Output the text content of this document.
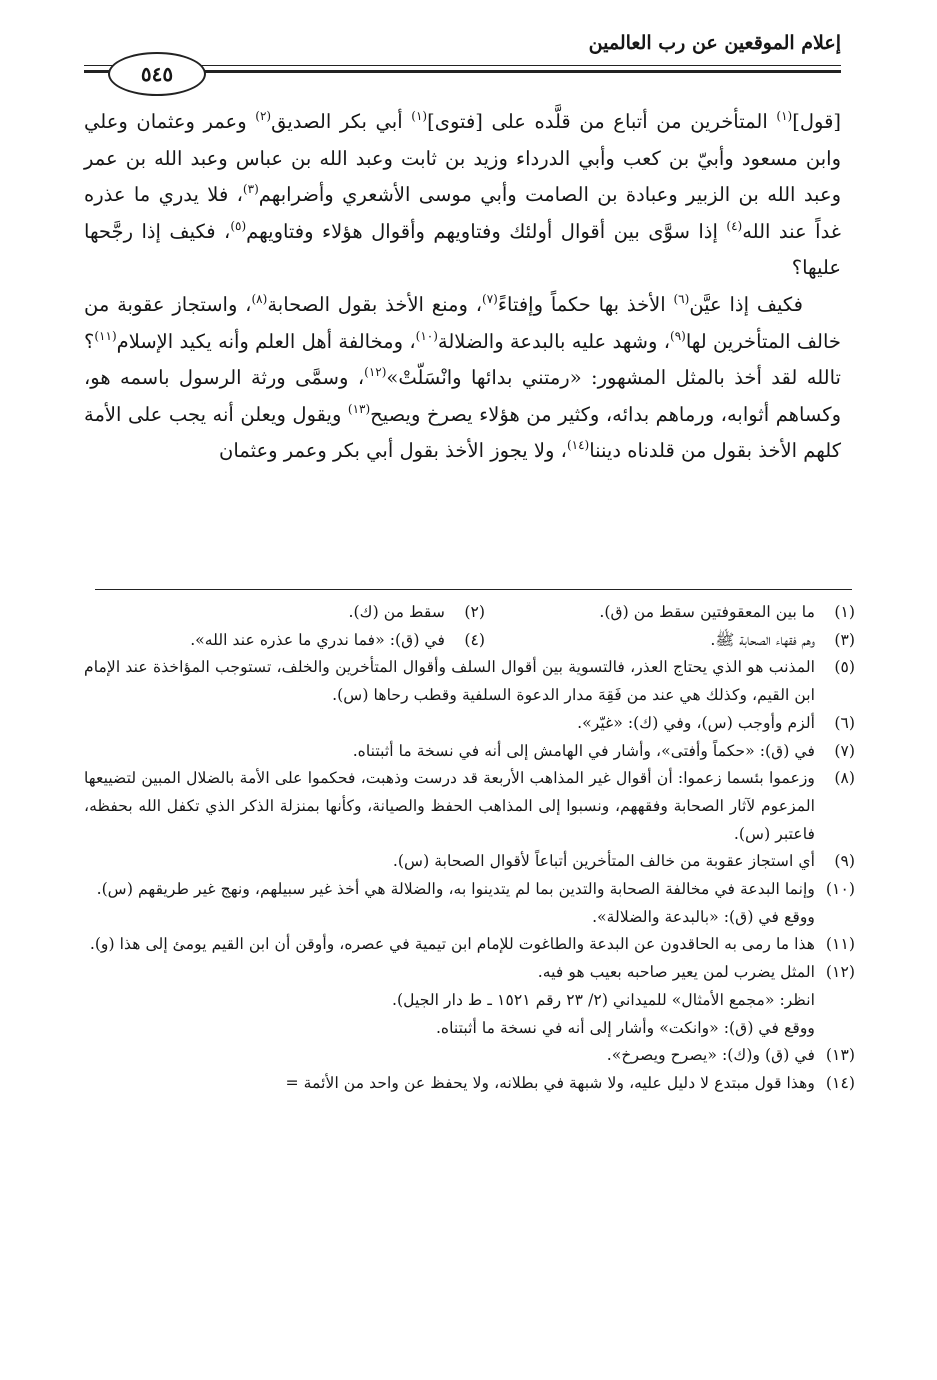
إعلام الموقعين عن رب العالمين
٥٤٥

[قول]$^{(١)}$ المتأخرين من أتباع من قلَّده على [فتوى]$^{(١)}$ أبي بكر الصديق$^{(٢)}$ وعمر وعثمان وعلي وابن مسعود وأبيّ بن كعب وأبي الدرداء وزيد بن ثابت وعبد الله بن عباس وعبد الله بن عمر وعبد الله بن الزبير وعبادة بن الصامت وأبي موسى الأشعري وأضرابهم$^{(٣)}$، فلا يدري ما عذره غداً عند الله$^{(٤)}$ إذا سوَّى بين أقوال أولئك وفتاويهم وأقوال هؤلاء وفتاويهم$^{(٥)}$، فكيف إذا رجَّحها عليها؟

فكيف إذا عيَّن$^{(٦)}$ الأخذ بها حكماً وإفتاءً$^{(٧)}$، ومنع الأخذ بقول الصحابة$^{(٨)}$، واستجاز عقوبة من خالف المتأخرين لها$^{(٩)}$، وشهد عليه بالبدعة والضلالة$^{(١٠)}$، ومخالفة أهل العلم وأنه يكيد الإسلام$^{(١١)}$؟ تالله لقد أخذ بالمثل المشهور: «رمتني بدائها وانْسَلّتْ»$^{(١٢)}$، وسمَّى ورثة الرسول باسمه هو، وكساهم أثوابه، ورماهم بدائه، وكثير من هؤلاء يصرخ ويصيح$^{(١٣)}$ ويقول ويعلن أنه يجب على الأمة كلهم الأخذ بقول من قلدناه ديننا$^{(١٤)}$، ولا يجوز الأخذ بقول أبي بكر وعمر وعثمان

(١)
ما بين المعقوفتين سقط من (ق).
(٢)
سقط من (ك).
(٣)
وهم فقهاء الصحابة ﷺ.
(٤)
في (ق): «فما ندري ما عذره عند الله».
(٥)
المذنب هو الذي يحتاج العذر، فالتسوية بين أقوال السلف وأقوال المتأخرين والخلف، تستوجب المؤاخذة عند الإمام ابن القيم، وكذلك هي عند من فَقِهَ مدار الدعوة السلفية وقطب رحاها (س).
(٦)
ألزم وأوجب (س)، وفي (ك): «غيّر».
(٧)
في (ق): «حكماً وأفتى»، وأشار في الهامش إلى أنه في نسخة ما أثبتناه.
(٨)
وزعموا بئسما زعموا: أن أقوال غير المذاهب الأربعة قد درست وذهبت، فحكموا على الأمة بالضلال المبين لتضييعها المزعوم لآثار الصحابة وفقههم، ونسبوا إلى المذاهب الحفظ والصيانة، وكأنها بمنزلة الذكر الذي تكفل الله بحفظه، فاعتبر (س).
(٩)
أي استجاز عقوبة من خالف المتأخرين أتباعاً لأقوال الصحابة (س).
(١٠)
وإنما البدعة في مخالفة الصحابة والتدين بما لم يتدينوا به، والضلالة هي أخذ غير سبيلهم، ونهج غير طريقهم (س).
ووقع في (ق): «بالبدعة والضلالة».
(١١)
هذا ما رمى به الحاقدون عن البدعة والطاغوت للإمام ابن تيمية في عصره، وأوقن أن ابن القيم يومئ إلى هذا (و).
(١٢)
المثل يضرب لمن يعير صاحبه بعيب هو فيه.
انظر: «مجمع الأمثال» للميداني (٢/ ٢٣ رقم ١٥٢١ ـ ط دار الجيل).
ووقع في (ق): «وانكت» وأشار إلى أنه في نسخة ما أثبتناه.
(١٣)
في (ق) و(ك): «يصرح ويصرخ».
(١٤)
وهذا قول مبتدع لا دليل عليه، ولا شبهة في بطلانه، ولا يحفظ عن واحد من الأئمة =
